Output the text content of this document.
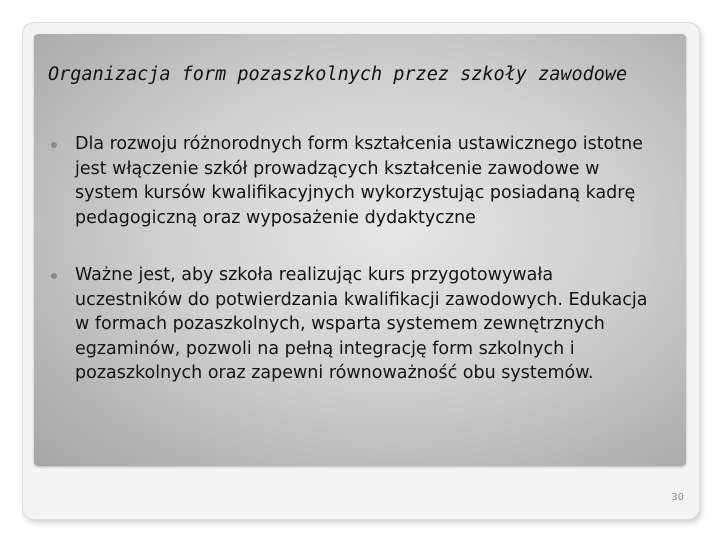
Organizacja form pozaszkolnych przez szkoły zawodowe
Dla rozwoju różnorodnych form kształcenia ustawicznego istotne jest włączenie szkół prowadzących kształcenie zawodowe w system kursów kwalifikacyjnych wykorzystując posiadaną kadrę pedagogiczną oraz wyposażenie dydaktyczne
Ważne jest, aby szkoła realizując kurs przygotowywała uczestników do potwierdzania kwalifikacji zawodowych. Edukacja w formach pozaszkolnych, wsparta systemem zewnętrznych egzaminów, pozwoli na pełną integrację form szkolnych i pozaszkolnych oraz zapewni równoważność obu systemów.
30
